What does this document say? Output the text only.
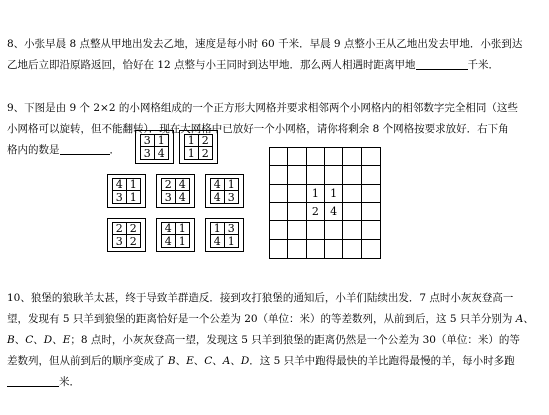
8、小张早晨 8 点整从甲地出发去乙地，速度是每小时 60 千米．早晨 9 点整小王从乙地出发去甲地．小张到达
乙地后立即沿原路返回，恰好在 12 点整与小王同时到达甲地．那么两人相遇时距离甲地	千米．

9、下图是由 9 个 2×2 的小网格组成的一个正方形大网格并要求相邻两个小网格内的相邻数字完全相同（这些
小网格可以旋转，但不能翻转）．现在大网格中已放好一个小网格，请你将剩余 8 个网格按要求放好．右下角
格内的数是	．

3 1
3 4
1 2
1 2
4 1
3 1
2 4
3 4
4 1
4 3
2 2
3 2
4 1
4 1
1 3
4 1
1	1
2	4

10、狼堡的狼耿羊太甚，终于导致羊群造反．接到攻打狼堡的通知后，小羊们陆续出发．7 点时小灰灰登高一
望，发现有 5 只羊到狼堡的距离恰好是一个公差为 20（单位：米）的等差数列，从前到后，这 5 只羊分别为 A、
B、C、D、E；8 点时，小灰灰登高一望，发现这 5 只羊到狼堡的距离仍然是一个公差为 30（单位：米）的等
差数列，但从前到后的顺序变成了 B、E、C、A、D．这 5 只羊中跑得最快的羊比跑得最慢的羊，每小时多跑
米．
